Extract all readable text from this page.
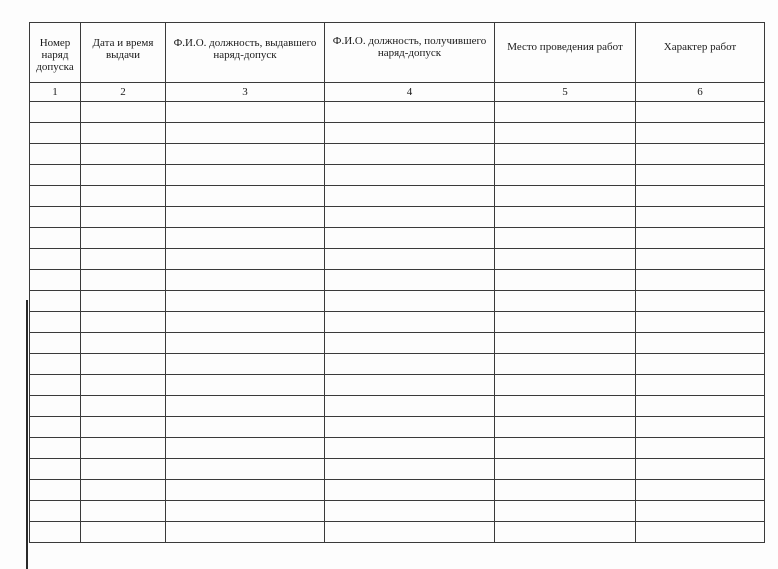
Номер наряд допуска	Дата и время выдачи	Ф.И.О. должность, выдавшего наряд-допуск	Ф.И.О. должность, получившего наряд-допуск	Место проведения работ	Характер работ

1	2	3	4	5	6
